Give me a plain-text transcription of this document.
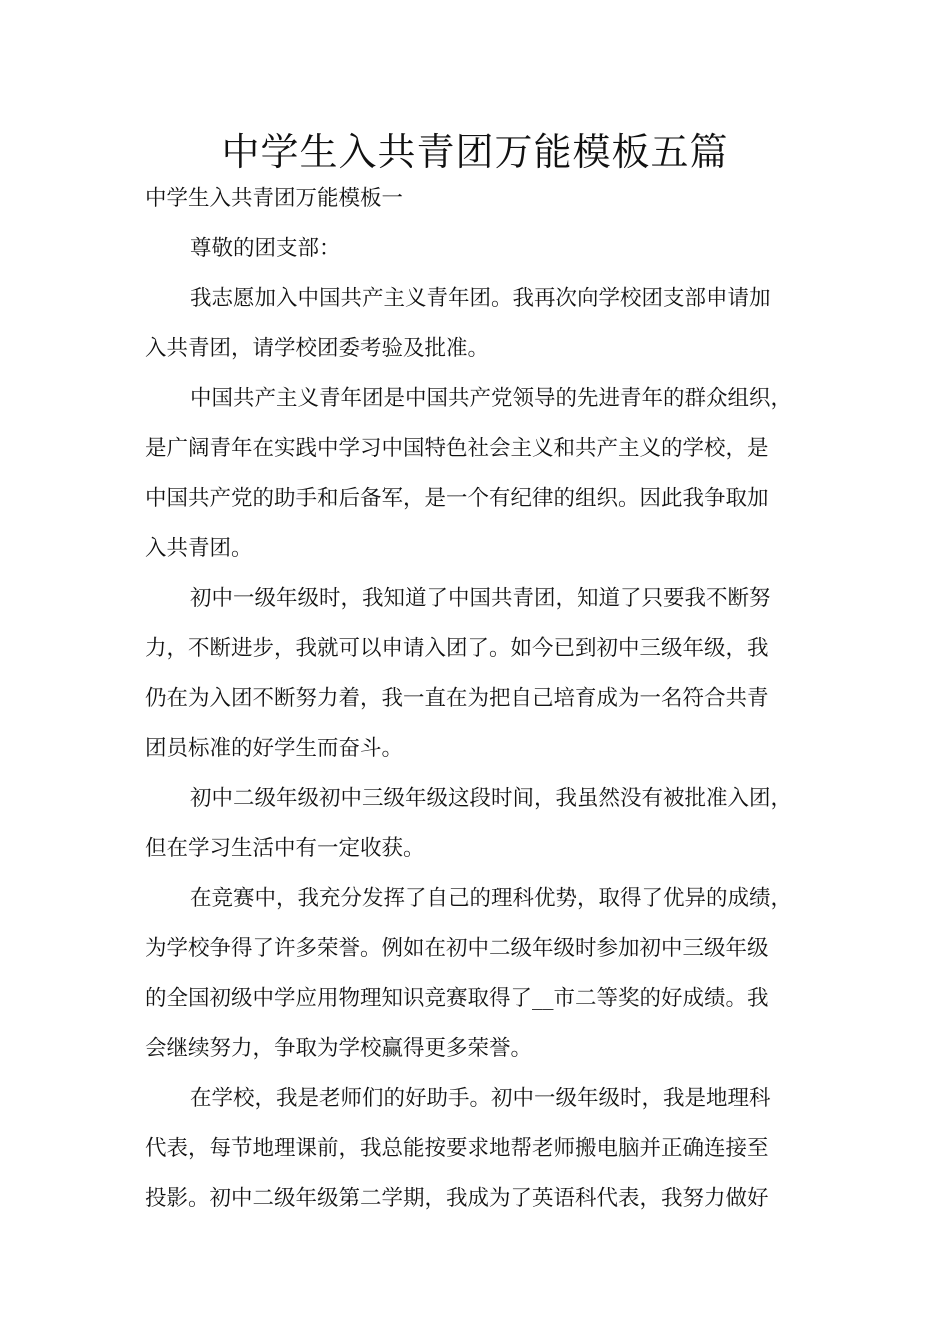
中学生入共青团万能模板五篇
中学生入共青团万能模板一
尊敬的团支部：
我志愿加入中国共产主义青年团。我再次向学校团支部申请加
入共青团，请学校团委考验及批准。
中国共产主义青年团是中国共产党领导的先进青年的群众组织，
是广阔青年在实践中学习中国特色社会主义和共产主义的学校，是
中国共产党的助手和后备军，是一个有纪律的组织。因此我争取加
入共青团。
初中一级年级时，我知道了中国共青团，知道了只要我不断努
力，不断进步，我就可以申请入团了。如今已到初中三级年级，我
仍在为入团不断努力着，我一直在为把自己培育成为一名符合共青
团员标准的好学生而奋斗。
初中二级年级初中三级年级这段时间，我虽然没有被批准入团，
但在学习生活中有一定收获。
在竞赛中，我充分发挥了自己的理科优势，取得了优异的成绩，
为学校争得了许多荣誉。例如在初中二级年级时参加初中三级年级
的全国初级中学应用物理知识竞赛取得了__市二等奖的好成绩。我
会继续努力，争取为学校赢得更多荣誉。
在学校，我是老师们的好助手。初中一级年级时，我是地理科
代表，每节地理课前，我总能按要求地帮老师搬电脑并正确连接至
投影。初中二级年级第二学期，我成为了英语科代表，我努力做好
